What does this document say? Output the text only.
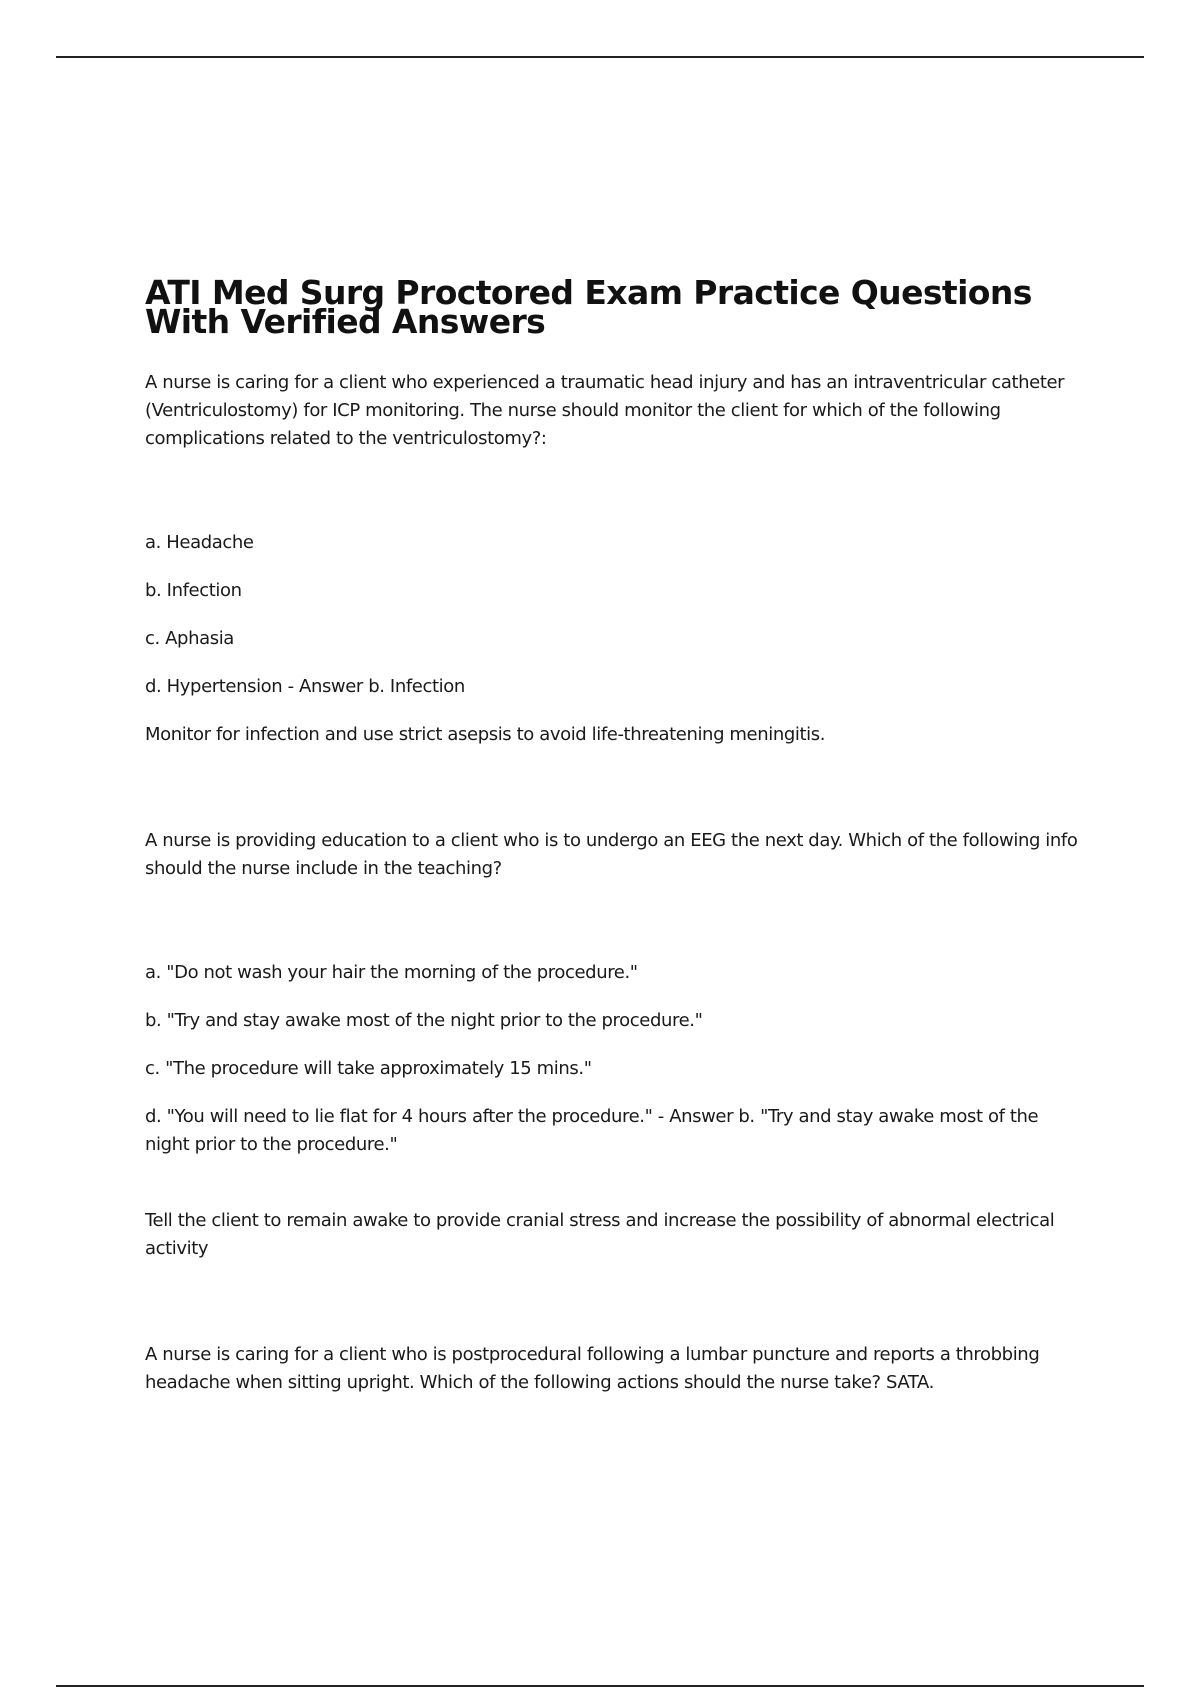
ATI Med Surg Proctored Exam Practice Questions With Verified Answers

A nurse is caring for a client who experienced a traumatic head injury and has an intraventricular catheter (Ventriculostomy) for ICP monitoring. The nurse should monitor the client for which of the following complications related to the ventriculostomy?:

a. Headache

b. Infection

c. Aphasia

d. Hypertension - Answer b. Infection

Monitor for infection and use strict asepsis to avoid life-threatening meningitis.

A nurse is providing education to a client who is to undergo an EEG the next day. Which of the following info should the nurse include in the teaching?

a. "Do not wash your hair the morning of the procedure."

b. "Try and stay awake most of the night prior to the procedure."

c. "The procedure will take approximately 15 mins."

d. "You will need to lie flat for 4 hours after the procedure." - Answer b. "Try and stay awake most of the night prior to the procedure."

Tell the client to remain awake to provide cranial stress and increase the possibility of abnormal electrical activity

A nurse is caring for a client who is postprocedural following a lumbar puncture and reports a throbbing headache when sitting upright. Which of the following actions should the nurse take? SATA.
